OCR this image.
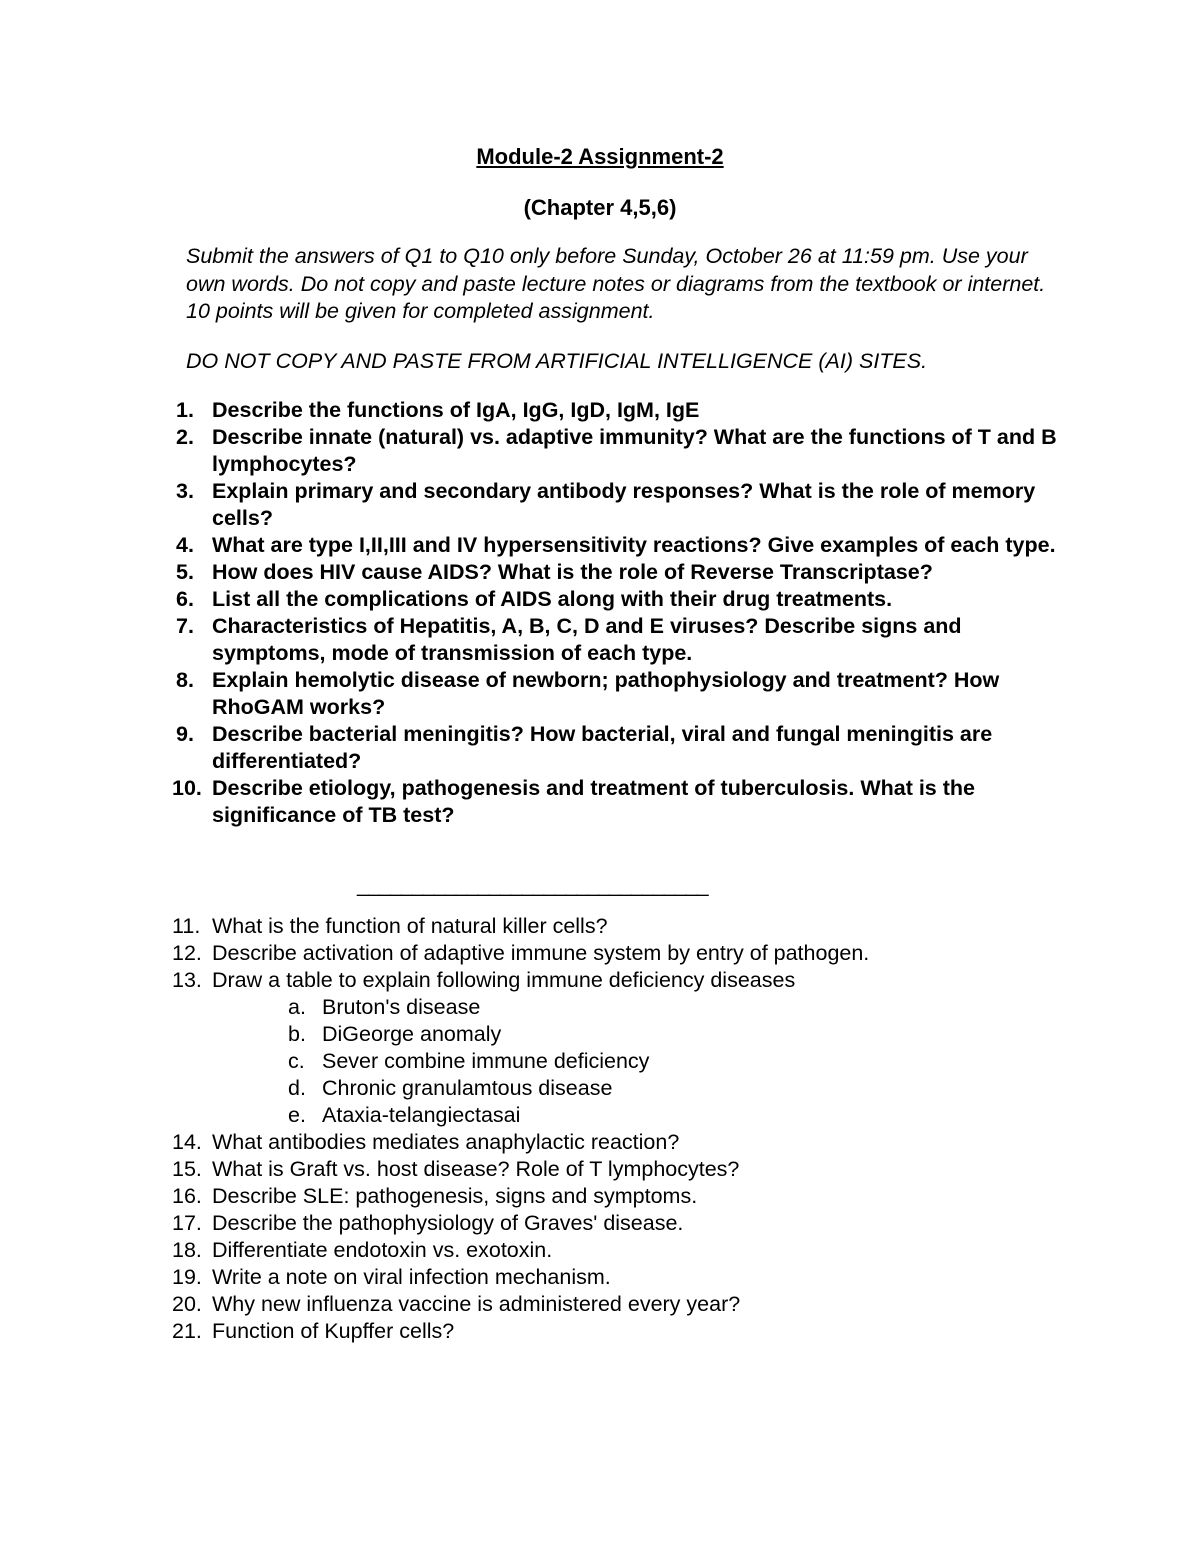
Module-2 Assignment-2
(Chapter 4,5,6)

Submit the answers of Q1 to Q10 only before Sunday, October 26 at 11:59 pm. Use your own words. Do not copy and paste lecture notes or diagrams from the textbook or internet. 10 points will be given for completed assignment.

DO NOT COPY AND PASTE FROM ARTIFICIAL INTELLIGENCE (AI) SITES.

1. Describe the functions of IgA, IgG, IgD, IgM, IgE
2. Describe innate (natural) vs. adaptive immunity? What are the functions of T and B lymphocytes?
3. Explain primary and secondary antibody responses? What is the role of memory cells?
4. What are type I,II,III and IV hypersensitivity reactions? Give examples of each type.
5. How does HIV cause AIDS? What is the role of Reverse Transcriptase?
6. List all the complications of AIDS along with their drug treatments.
7. Characteristics of Hepatitis, A, B, C, D and E viruses? Describe signs and symptoms, mode of transmission of each type.
8. Explain hemolytic disease of newborn; pathophysiology and treatment? How RhoGAM works?
9. Describe bacterial meningitis? How bacterial, viral and fungal meningitis are differentiated?
10. Describe etiology, pathogenesis and treatment of tuberculosis. What is the significance of TB test?
________________________________
11. What is the function of natural killer cells?
12. Describe activation of adaptive immune system by entry of pathogen.
13. Draw a table to explain following immune deficiency diseases
a. Bruton's disease
b. DiGeorge anomaly
c. Sever combine immune deficiency
d. Chronic granulamtous disease
e. Ataxia-telangiectasai
14. What antibodies mediates anaphylactic reaction?
15. What is Graft vs. host disease? Role of T lymphocytes?
16. Describe SLE: pathogenesis, signs and symptoms.
17. Describe the pathophysiology of Graves' disease.
18. Differentiate endotoxin vs. exotoxin.
19. Write a note on viral infection mechanism.
20. Why new influenza vaccine is administered every year?
21. Function of Kupffer cells?
